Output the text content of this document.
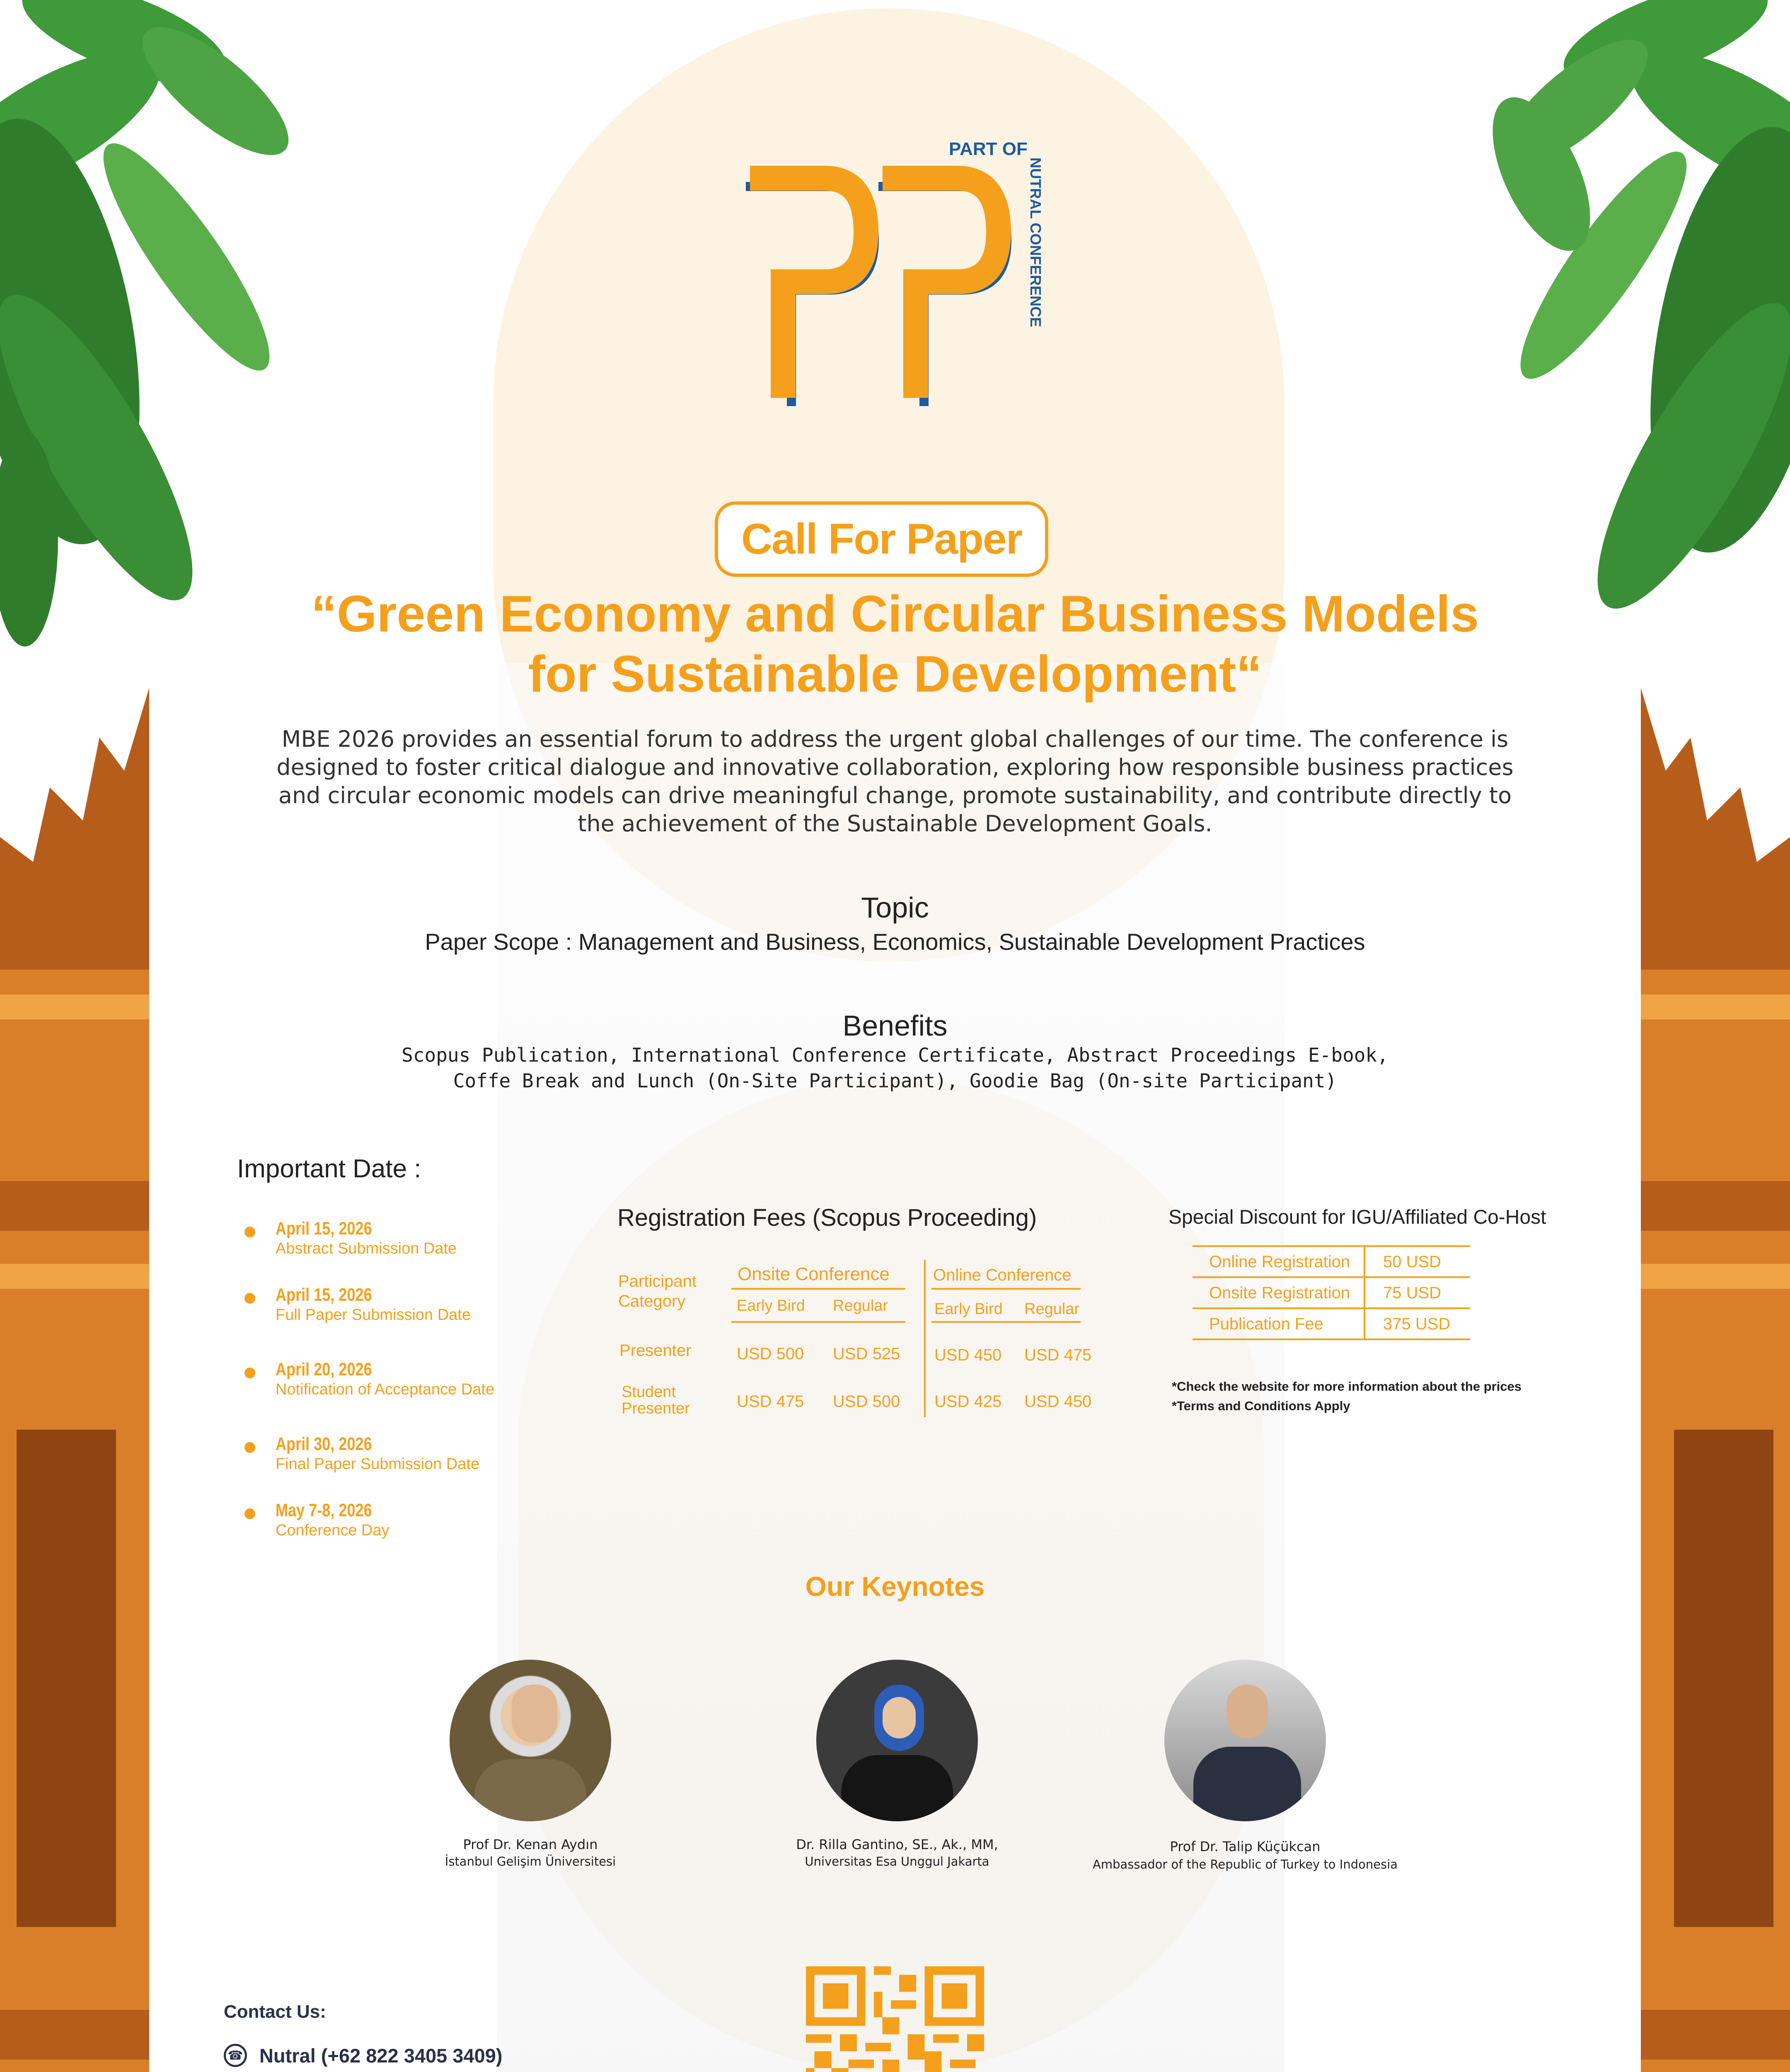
PART OF
NUTRAL CONFERENCE
Call For Paper
“Green Economy and Circular Business Models
for Sustainable Development“
MBE 2026 provides an essential forum to address the urgent global challenges of our time. The conference is designed to foster critical dialogue and innovative collaboration, exploring how responsible business practices and circular economic models can drive meaningful change, promote sustainability, and contribute directly to the achievement of the Sustainable Development Goals.
Topic
Paper Scope : Management and Business, Economics, Sustainable Development Practices
Benefits
Scopus Publication, International Conference Certificate, Abstract Proceedings E-book,
Coffe Break and Lunch (On-Site Participant), Goodie Bag (On-site Participant)
Important Date :
April 15, 2026
Abstract Submission Date
April 15, 2026
Full Paper Submission Date
April 20, 2026
Notification of Acceptance Date
April 30, 2026
Final Paper Submission Date
May 7-8, 2026
Conference Day
Registration Fees (Scopus Proceeding)
Participant
Category
Onsite Conference	Online Conference
Early Bird Regular	Early Bird Regular
Presenter	USD 500 USD 525 USD 450 USD 475
Student
Presenter	USD 475 USD 500 USD 425 USD 450
Special Discount for IGU/Affiliated Co-Host
Online Registration 50 USD
Onsite Registration 75 USD
Publication Fee	375 USD
*Check the website for more information about the prices
*Terms and Conditions Apply
Our Keynotes
Prof Dr. Kenan Aydın
İstanbul Gelişim Üniversitesi
Dr. Rilla Gantino, SE., Ak., MM,
Universitas Esa Unggul Jakarta
Prof Dr. Talip Küçükcan
Ambassador of the Republic of Turkey to Indonesia
Contact Us:
☎ Nutral (+62 822 3405 3409)
